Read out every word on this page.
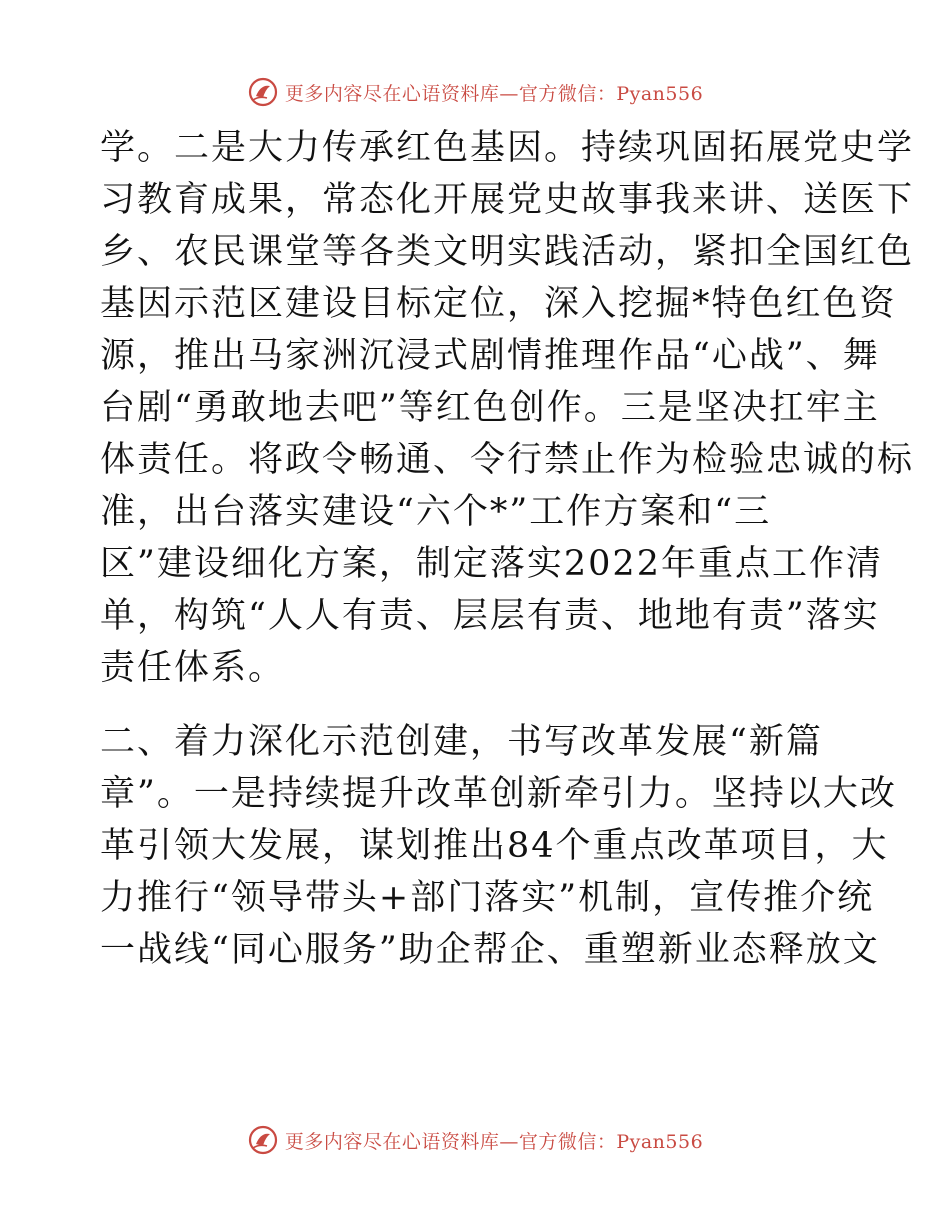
更多内容尽在心语资料库—官方微信：Pyan556
学。二是大力传承红色基因。持续巩固拓展党史学
习教育成果，常态化开展党史故事我来讲、送医下
乡、农民课堂等各类文明实践活动，紧扣全国红色
基因示范区建设目标定位，深入挖掘*特色红色资
源，推出马家洲沉浸式剧情推理作品“心战”、舞
台剧“勇敢地去吧”等红色创作。三是坚决扛牢主
体责任。将政令畅通、令行禁止作为检验忠诚的标
准，出台落实建设“六个*”工作方案和“三
区”建设细化方案，制定落实2022年重点工作清
单，构筑“人人有责、层层有责、地地有责”落实
责任体系。
二、着力深化示范创建，书写改革发展“新篇
章”。一是持续提升改革创新牵引力。坚持以大改
革引领大发展，谋划推出84个重点改革项目，大
力推行“领导带头+部门落实”机制，宣传推介统
一战线“同心服务”助企帮企、重塑新业态释放文
更多内容尽在心语资料库—官方微信：Pyan556
